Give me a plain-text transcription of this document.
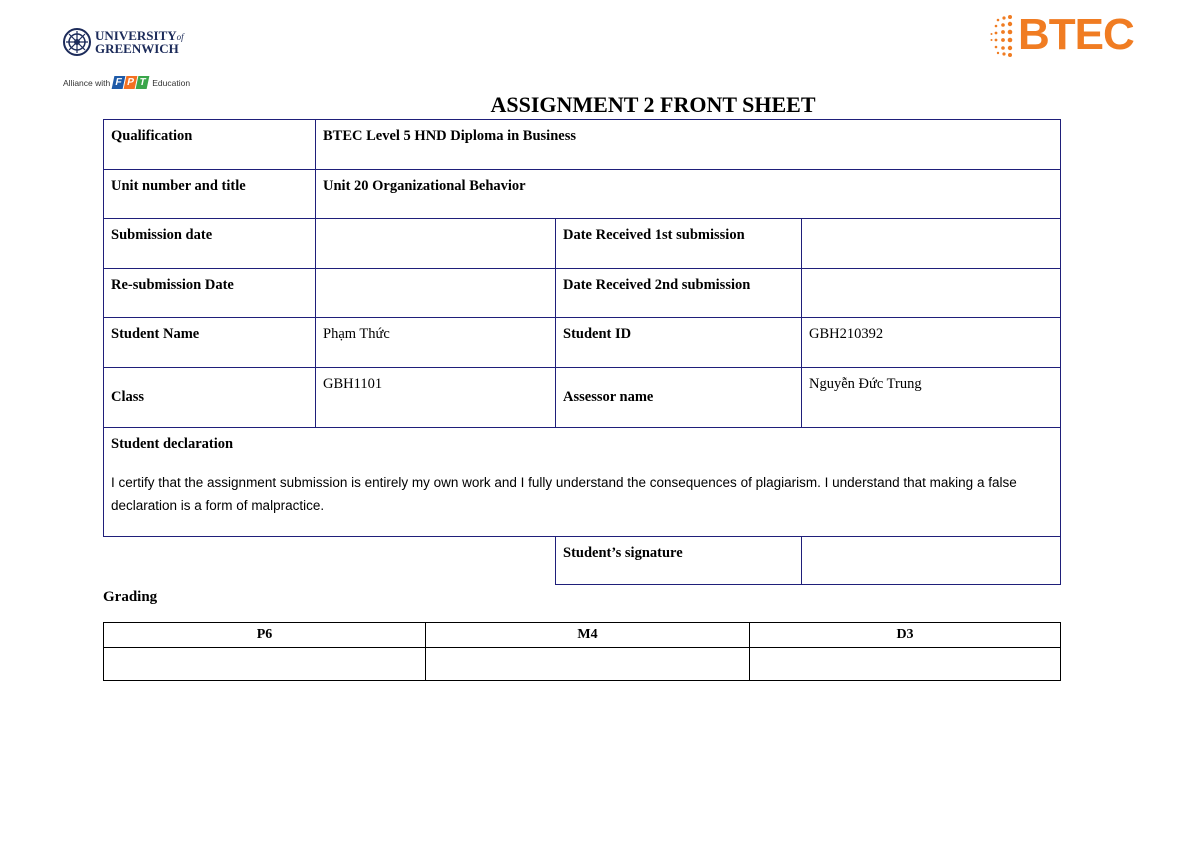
UNIVERSITYof
GREENWICH
Alliance with F P T Education
BTEC
ASSIGNMENT 2 FRONT SHEET
Qualification	BTEC Level 5 HND Diploma in Business		
Unit number and title	Unit 20 Organizational Behavior		
Submission date		Date Received 1st submission	
Re-submission Date		Date Received 2nd submission	
Student Name	Phạm Thức	Student ID	GBH210392
Class	GBH1101	Assessor name	Nguyễn Đức Trung

Student declaration
I certify that the assignment submission is entirely my own work and I fully understand the consequences of plagiarism. I understand that making a false declaration is a form of malpractice.			

		Student’s signature	
Grading
P6	M4	D3
